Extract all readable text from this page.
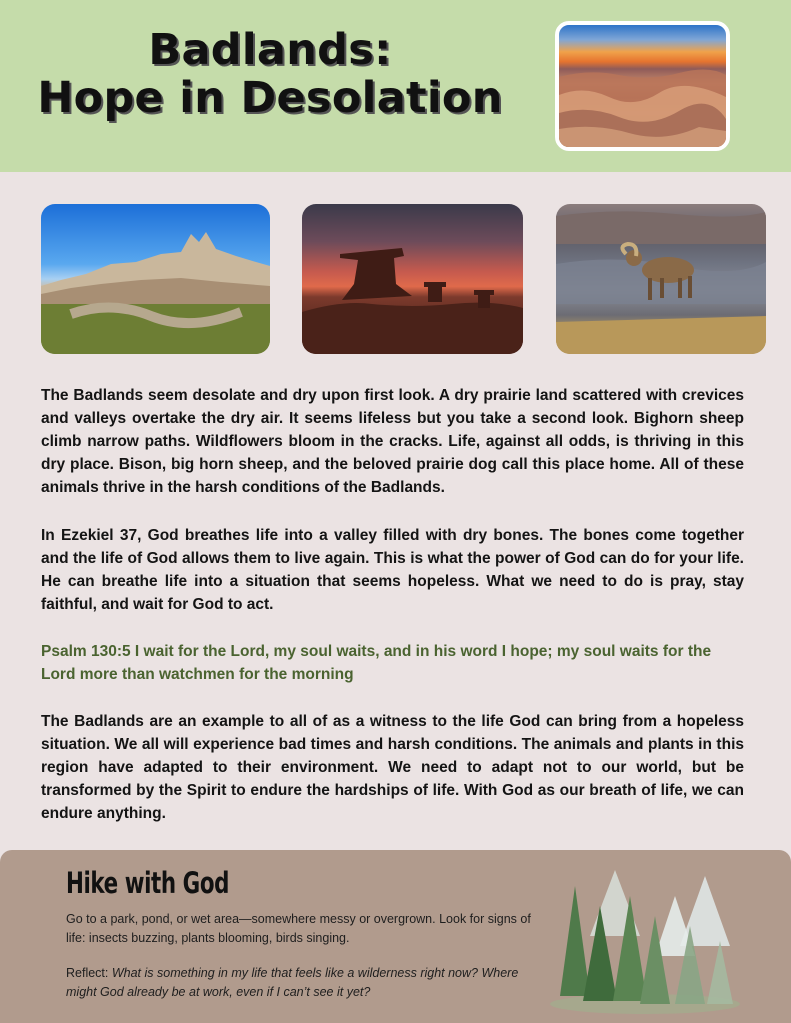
Badlands:
Hope in Desolation

The Badlands seem desolate and dry upon first look. A dry prairie land scattered with crevices and valleys overtake the dry air. It seems lifeless but you take a second look. Bighorn sheep climb narrow paths. Wildflowers bloom in the cracks. Life, against all odds, is thriving in this dry place. Bison, big horn sheep, and the beloved prairie dog call this place home. All of these animals thrive in the harsh conditions of the Badlands.

In Ezekiel 37, God breathes life into a valley filled with dry bones. The bones come together and the life of God allows them to live again. This is what the power of God can do for your life. He can breathe life into a situation that seems hopeless. What we need to do is pray, stay faithful, and wait for God to act.

Psalm 130:5 I wait for the Lord, my soul waits, and in his word I hope; my soul waits for the Lord more than watchmen for the morning

The Badlands are an example to all of as a witness to the life God can bring from a hopeless situation. We all will experience bad times and harsh conditions. The animals and plants in this region have adapted to their environment. We need to adapt not to our world, but be transformed by the Spirit to endure the hardships of life. With God as our breath of life, we can endure anything.

Hike with God

Go to a park, pond, or wet area—somewhere messy or overgrown. Look for signs of life: insects buzzing, plants blooming, birds singing.

Reflect: What is something in my life that feels like a wilderness right now? Where might God already be at work, even if I can’t see it yet?
